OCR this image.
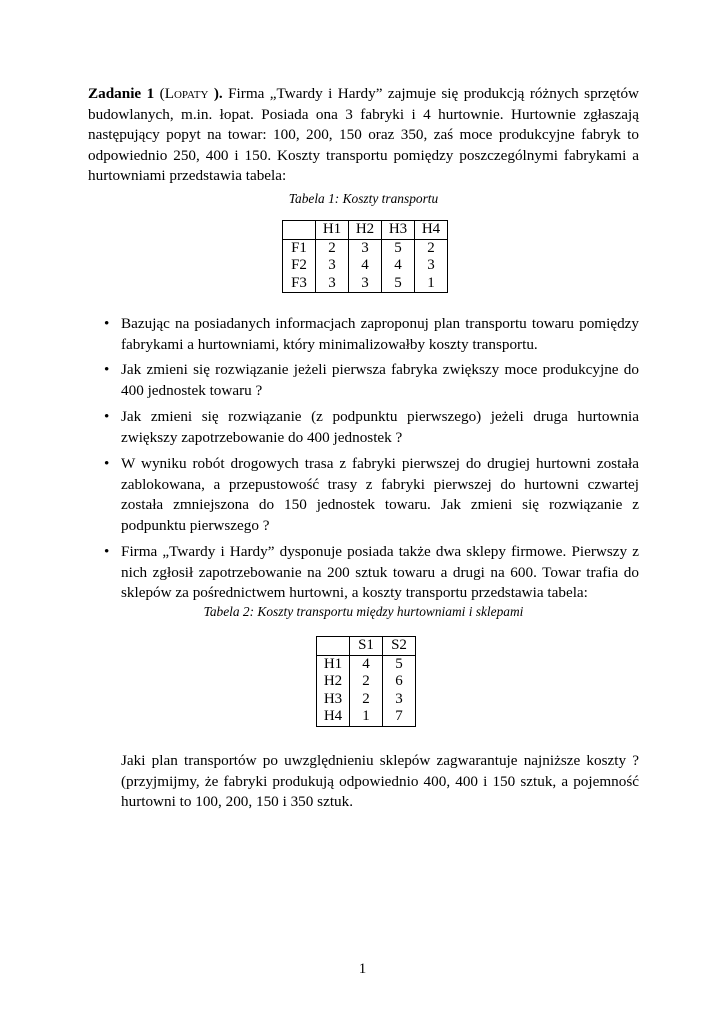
Zadanie 1 (Lopaty ). Firma „Twardy i Hardy” zajmuje się produkcją różnych sprzętów budowlanych, m.in. łopat. Posiada ona 3 fabryki i 4 hurtownie. Hurtownie zgłaszają następujący popyt na towar: 100, 200, 150 oraz 350, zaś moce produkcyjne fabryk to odpowiednio 250, 400 i 150. Koszty transportu pomiędzy poszczególnymi fabrykami a hurtowniami przedstawia tabela:

Tabela 1: Koszty transportu
	H1	H2	H3	H4
F1	2	3	5	2
F2	3	4	4	3
F3	3	3	5	1
• Bazując na posiadanych informacjach zaproponuj plan transportu towaru pomiędzy fabrykami a hurtowniami, który minimalizowałby koszty transportu.
• Jak zmieni się rozwiązanie jeżeli pierwsza fabryka zwiększy moce produkcyjne do 400 jednostek towaru ?
• Jak zmieni się rozwiązanie (z podpunktu pierwszego) jeżeli druga hurtownia zwiększy zapotrzebowanie do 400 jednostek ?
• W wyniku robót drogowych trasa z fabryki pierwszej do drugiej hurtowni została zablokowana, a przepustowość trasy z fabryki pierwszej do hurtowni czwartej została zmniejszona do 150 jednostek towaru. Jak zmieni się rozwiązanie z podpunktu pierwszego ?
• Firma „Twardy i Hardy” dysponuje posiada także dwa sklepy firmowe. Pierwszy z nich zgłosił zapotrzebowanie na 200 sztuk towaru a drugi na 600. Towar trafia do sklepów za pośrednictwem hurtowni, a koszty transportu przedstawia tabela:
Tabela 2: Koszty transportu między hurtowniami i sklepami
	S1	S2
H1	4	5
H2	2	6
H3	2	3
H4	1	7

Jaki plan transportów po uwzględnieniu sklepów zagwarantuje najniższe koszty ? (przyjmijmy, że fabryki produkują odpowiednio 400, 400 i 150 sztuk, a pojemność hurtowni to 100, 200, 150 i 350 sztuk.

1
